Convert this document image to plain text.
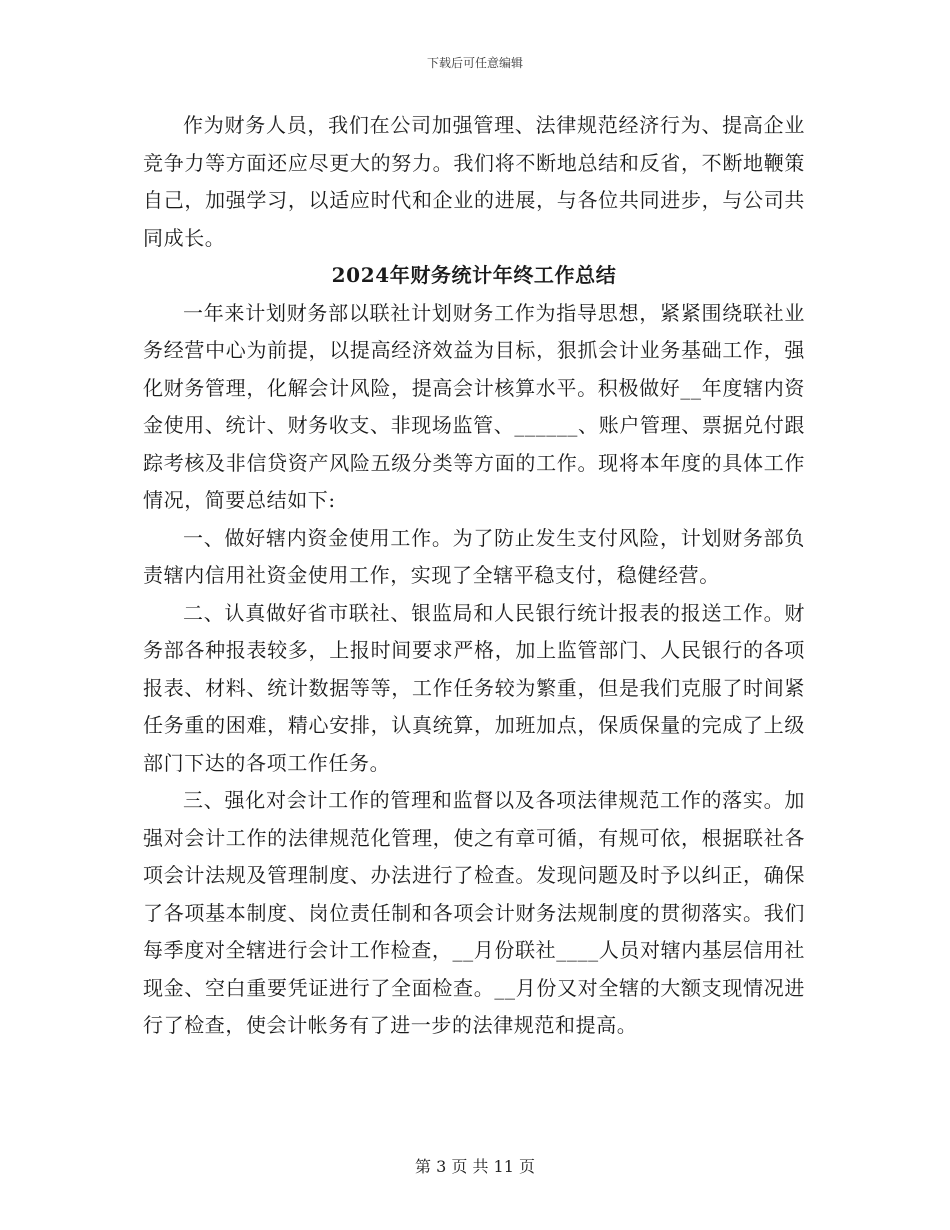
下载后可任意编辑

作为财务人员，我们在公司加强管理、法律规范经济行为、提高企业竞争力等方面还应尽更大的努力。我们将不断地总结和反省，不断地鞭策自己，加强学习，以适应时代和企业的进展，与各位共同进步，与公司共同成长。

2024年财务统计年终工作总结

一年来计划财务部以联社计划财务工作为指导思想，紧紧围绕联社业务经营中心为前提，以提高经济效益为目标，狠抓会计业务基础工作，强化财务管理，化解会计风险，提高会计核算水平。积极做好__年度辖内资金使用、统计、财务收支、非现场监管、______、账户管理、票据兑付跟踪考核及非信贷资产风险五级分类等方面的工作。现将本年度的具体工作情况，简要总结如下:

一、做好辖内资金使用工作。为了防止发生支付风险，计划财务部负责辖内信用社资金使用工作，实现了全辖平稳支付，稳健经营。

二、认真做好省市联社、银监局和人民银行统计报表的报送工作。财务部各种报表较多，上报时间要求严格，加上监管部门、人民银行的各项报表、材料、统计数据等等，工作任务较为繁重，但是我们克服了时间紧任务重的困难，精心安排，认真统算，加班加点，保质保量的完成了上级部门下达的各项工作任务。

三、强化对会计工作的管理和监督以及各项法律规范工作的落实。加强对会计工作的法律规范化管理，使之有章可循，有规可依，根据联社各项会计法规及管理制度、办法进行了检查。发现问题及时予以纠正，确保了各项基本制度、岗位责任制和各项会计财务法规制度的贯彻落实。我们每季度对全辖进行会计工作检查，__月份联社____人员对辖内基层信用社现金、空白重要凭证进行了全面检查。__月份又对全辖的大额支现情况进行了检查，使会计帐务有了进一步的法律规范和提高。

第 3 页 共 11 页
